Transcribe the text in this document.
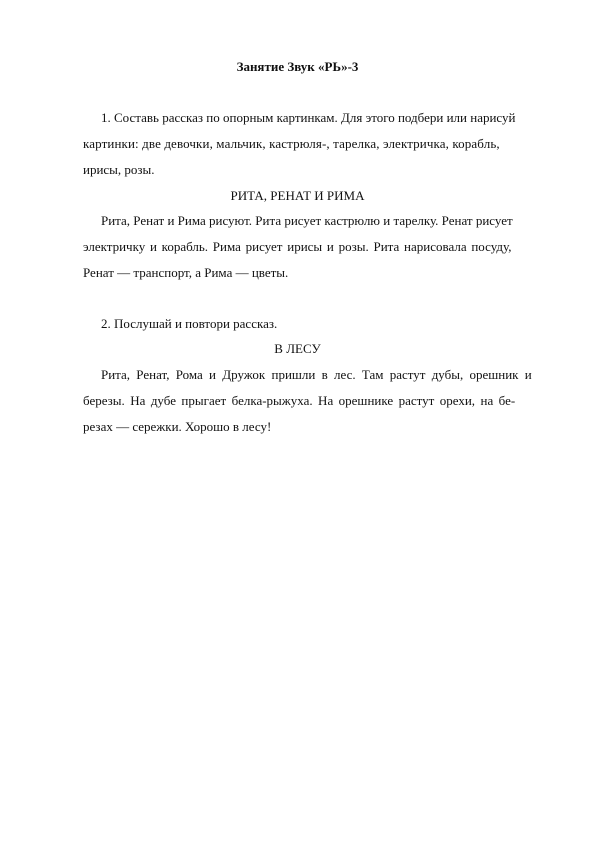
Занятие Звук «РЬ»-3
1. Составь рассказ по опорным картинкам. Для этого подбери или нарисуй
картинки: две девочки, мальчик, кастрюля-, тарелка, электричка, корабль,
ирисы, розы.
РИТА, РЕНАТ И РИМА
Рита, Ренат и Рима рисуют. Рита рисует кастрюлю и тарелку. Ренат рисует
электричку и корабль. Рима рисует ирисы и розы. Рита нарисовала посуду,
Ренат — транспорт, а Рима — цветы.
2. Послушай и повтори рассказ.
В ЛЕСУ
Рита, Ренат, Рома и Дружок пришли в лес. Там растут дубы, орешник и
березы. На дубе прыгает белка-рыжуха. На орешнике растут орехи, на бе-
резах — сережки. Хорошо в лесу!
